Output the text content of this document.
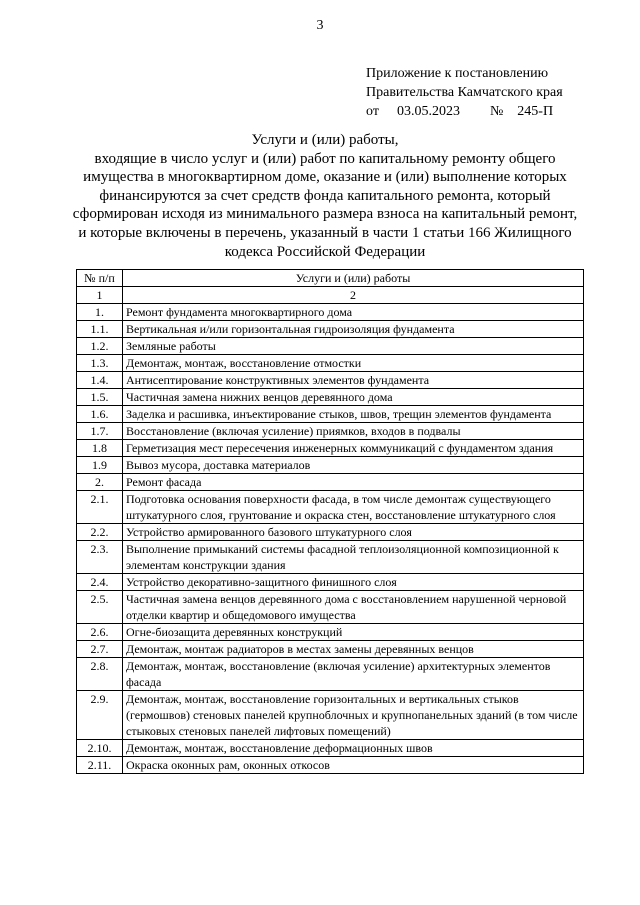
3
Приложение к постановлению
Правительства Камчатского края
от 03.05.2023 № 245-П
Услуги и (или) работы,
входящие в число услуг и (или) работ по капитальному ремонту общего
имущества в многоквартирном доме, оказание и (или) выполнение которых
финансируются за счет средств фонда капитального ремонта, который
сформирован исходя из минимального размера взноса на капитальный ремонт,
и которые включены в перечень, указанный в части 1 статьи 166 Жилищного
кодекса Российской Федерации
№ п/п	Услуги и (или) работы
1	2
1.	Ремонт фундамента многоквартирного дома
1.1.	Вертикальная и/или горизонтальная гидроизоляция фундамента
1.2.	Земляные работы
1.3.	Демонтаж, монтаж, восстановление отмостки
1.4.	Антисептирование конструктивных элементов фундамента
1.5.	Частичная замена нижних венцов деревянного дома
1.6.	Заделка и расшивка, инъектирование стыков, швов, трещин элементов фундамента
1.7.	Восстановление (включая усиление) приямков, входов в подвалы
1.8	Герметизация мест пересечения инженерных коммуникаций с фундаментом здания
1.9	Вывоз мусора, доставка материалов
2.	Ремонт фасада
2.1.	Подготовка основания поверхности фасада, в том числе демонтаж существующего штукатурного слоя, грунтование и окраска стен, восстановление штукатурного слоя
2.2.	Устройство армированного базового штукатурного слоя
2.3.	Выполнение примыканий системы фасадной теплоизоляционной композиционной к элементам конструкции здания
2.4.	Устройство декоративно-защитного финишного слоя
2.5.	Частичная замена венцов деревянного дома с восстановлением нарушенной черновой отделки квартир и общедомового имущества
2.6.	Огне-биозащита деревянных конструкций
2.7.	Демонтаж, монтаж радиаторов в местах замены деревянных венцов
2.8.	Демонтаж, монтаж, восстановление (включая усиление) архитектурных элементов фасада
2.9.	Демонтаж, монтаж, восстановление горизонтальных и вертикальных стыков (гермошвов) стеновых панелей крупноблочных и крупнопанельных зданий (в том числе стыковых стеновых панелей лифтовых помещений)
2.10.	Демонтаж, монтаж, восстановление деформационных швов
2.11.	Окраска оконных рам, оконных откосов
